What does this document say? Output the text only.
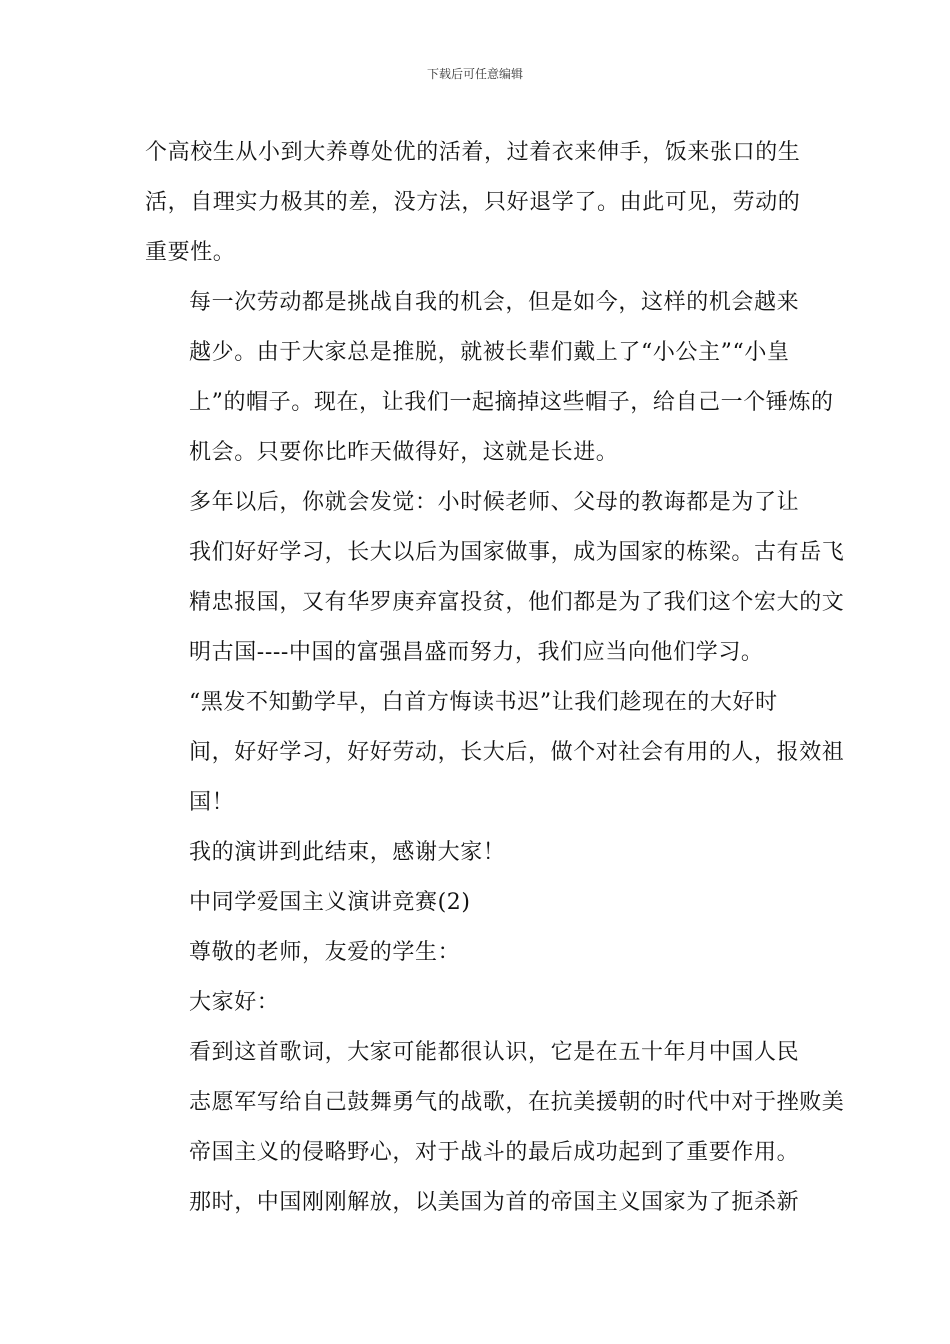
下载后可任意编辑

个高校生从小到大养尊处优的活着，过着衣来伸手，饭来张口的生
活，自理实力极其的差，没方法，只好退学了。由此可见，劳动的
重要性。

每一次劳动都是挑战自我的机会，但是如今，这样的机会越来
越少。由于大家总是推脱，就被长辈们戴上了“小公主”“小皇
上”的帽子。现在，让我们一起摘掉这些帽子，给自己一个锤炼的
机会。只要你比昨天做得好，这就是长进。

多年以后，你就会发觉：小时候老师、父母的教诲都是为了让
我们好好学习，长大以后为国家做事，成为国家的栋梁。古有岳飞
精忠报国，又有华罗庚弃富投贫，他们都是为了我们这个宏大的文
明古国----中国的富强昌盛而努力，我们应当向他们学习。

“黑发不知勤学早，白首方悔读书迟”让我们趁现在的大好时
间，好好学习，好好劳动，长大后，做个对社会有用的人，报效祖
国！

我的演讲到此结束，感谢大家！

中同学爱国主义演讲竞赛(2)

尊敬的老师，友爱的学生：

大家好：

看到这首歌词，大家可能都很认识，它是在五十年月中国人民
志愿军写给自己鼓舞勇气的战歌，在抗美援朝的时代中对于挫败美
帝国主义的侵略野心，对于战斗的最后成功起到了重要作用。

那时，中国刚刚解放，以美国为首的帝国主义国家为了扼杀新
